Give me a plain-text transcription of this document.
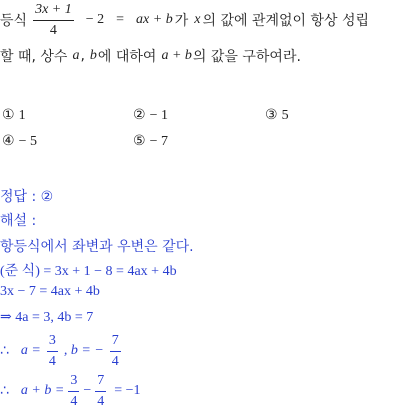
등식 $\frac{3x + 1}{4} - 2$ = ax + b 가 x 의 값에 관계없이 항상 성립
할 때, 상수 a , b 에 대하여 a + b 의 값을 구하여라.
① 1	② − 1	③ 5
④ − 5	⑤ − 7
정답 : ②
해설 :
항등식에서 좌변과 우변은 같다.
(준 식) = 3x + 1 − 8 = 4ax + 4b
3x − 7 = 4ax + 4b
⇒ 4a = 3, 4b = 7
∴ $a = \frac{3}{4}$ , b = − $\frac{7}{4}$
∴ $a + b = \frac{3}{4} - \frac{7}{4} = -1$
